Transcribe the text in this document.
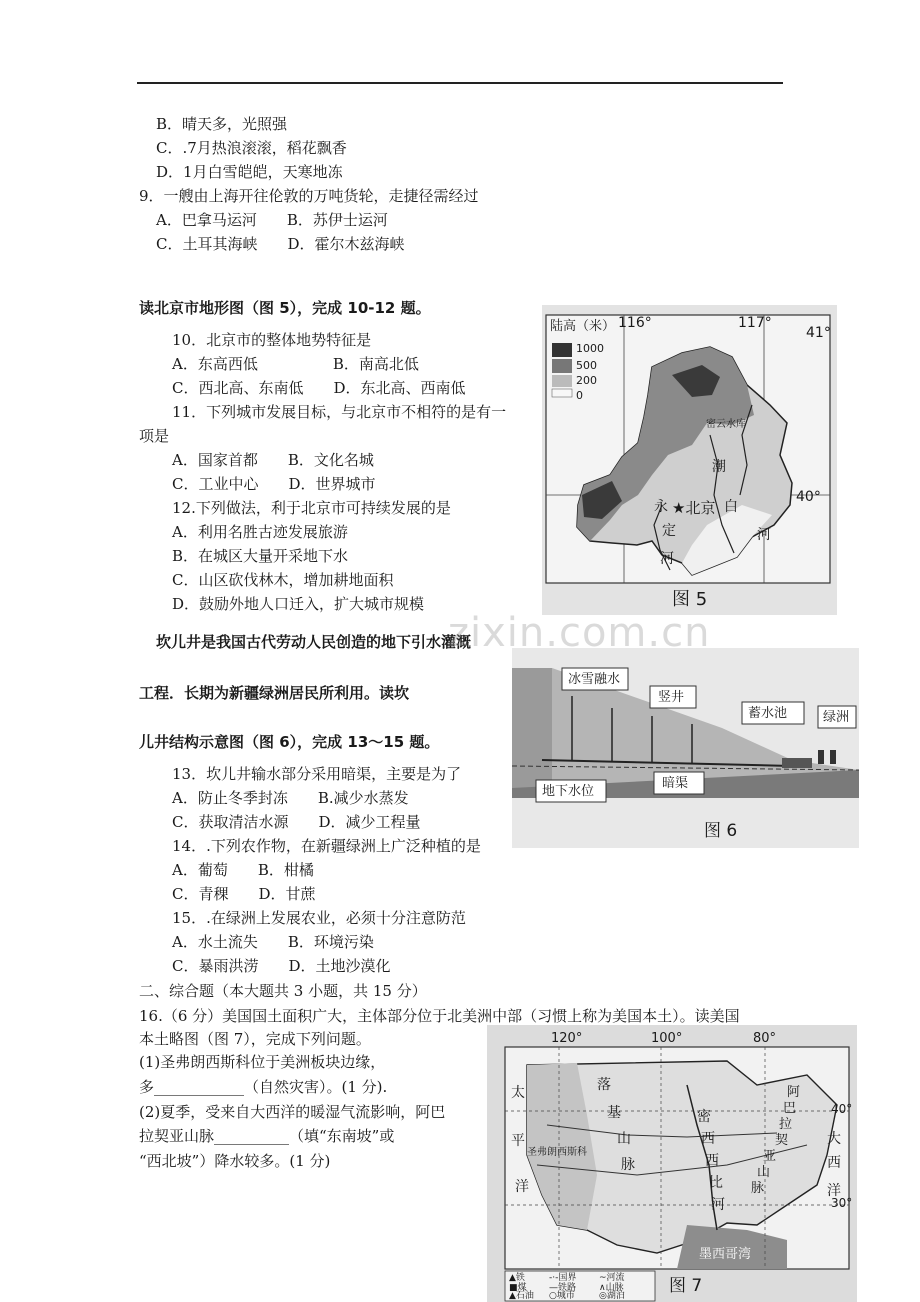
B．晴天多，光照强
C．.7月热浪滚滚，稻花飘香
D．1月白雪皑皑，天寒地冻
9．一艘由上海开往伦敦的万吨货轮，走捷径需经过
A．巴拿马运河　　B．苏伊士运河
C．土耳其海峡　　D．霍尔木兹海峡
读北京市地形图（图 5），完成 10-12 题。
10．北京市的整体地势特征是
A．东高西低　　　　　B．南高北低
C．西北高、东南低　　D．东北高、西南低
11．下列城市发展目标，与北京市不相符的是有一
项是
A．国家首都　　B．文化名城
C．工业中心　　D．世界城市
12.下列做法，利于北京市可持续发展的是
A．利用名胜古迹发展旅游
B．在城区大量开采地下水
C．山区砍伐林木，增加耕地面积
D．鼓励外地人口迁入，扩大城市规模
坎儿井是我国古代劳动人民创造的地下引水灌溉
工程．长期为新疆绿洲居民所利用。读坎
儿井结构示意图（图 6），完成 13～15 题。
13．坎儿井输水部分采用暗渠，主要是为了
A．防止冬季封冻　　B.减少水蒸发
C．获取清洁水源　　D．减少工程量
14．.下列农作物，在新疆绿洲上广泛种植的是
A．葡萄　　B．柑橘
C．青稞　　D．甘蔗
15．.在绿洲上发展农业，必须十分注意防范
A．水土流失　　B．环境污染
C．暴雨洪涝　　D．土地沙漠化
二、综合题（本大题共 3 小题，共 15 分）
16.（6 分）美国国土面积广大，主体部分位于北美洲中部（习惯上称为美国本土）。读美国
本土略图（图 7），完成下列问题。
(1)圣弗朗西斯科位于美洲板块边缘，
多____________（自然灾害）。(1 分).
(2)夏季，受来自大西洋的暖湿气流影响，阿巴
拉契亚山脉__________（填“东南坡”或
“西北坡”）降水较多。(1 分)
陆高（米）
1000
500
200
0
116°	117°
41°
40°
密云水库
★北京
永
定
河
潮
白
河
图 5
冰雪融水
竖井
蓄水池	绿洲
地下水位
暗渠
图 6
120°	100°	80°
40°
30°
太
平
洋
大
西
洋
落
基
山
脉
圣弗朗西斯科
密
西
西
比
河
阿
巴
拉
契
亚
山
脉
墨西哥湾
▲铁	-·-国界	~河流
■煤 —铁路	∧山脉
▲石油 ○城市	◎湖泊	图 7
zixin.com.cn
